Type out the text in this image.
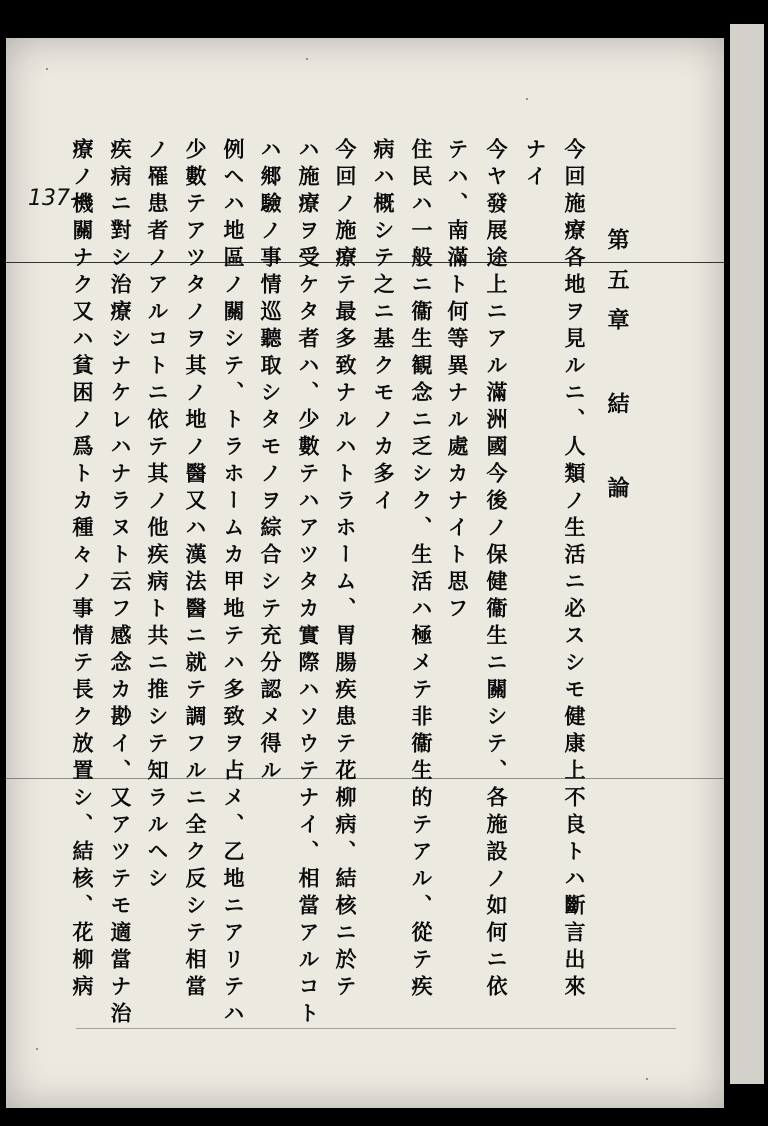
137-
第五章 結 論
今回施療各地ヲ見ルニ、人類ノ生活ニ必スシモ健康上不良トハ斷言出來
ナイ
今ヤ發展途上ニアル滿洲國今後ノ保健衞生ニ關シテ、各施設ノ如何ニ依
テハ、南滿ト何等異ナル處カナイト思フ
住民ハ一般ニ衞生観念ニ乏シク、生活ハ極メテ非衞生的テアル、從テ疾
病ハ概シテ之ニ基クモノカ多イ
今回ノ施療テ最多致ナルハトラホーム、胃腸疾患テ花柳病、結核ニ於テ
ハ施療ヲ受ケタ者ハ、少數テハアツタカ實際ハソウテナイ、相當アルコト
ハ郷驗ノ事情巡聽取シタモノヲ綜合シテ充分認メ得ル
例ヘハ地區ノ關シテ、トラホームカ甲地テハ多致ヲ占メ、乙地ニアリテハ
少數テアツタノヲ其ノ地ノ醫又ハ漢法醫ニ就テ調フルニ全ク反シテ相當
ノ罹患者ノアルコトニ依テ其ノ他疾病ト共ニ推シテ知ラルヘシ
疾病ニ對シ治療シナケレハナラヌト云フ感念カ尠イ、又アツテモ適當ナ治
療ノ機關ナク又ハ貧困ノ爲トカ種々ノ事情テ長ク放置シ、結核、花柳病
